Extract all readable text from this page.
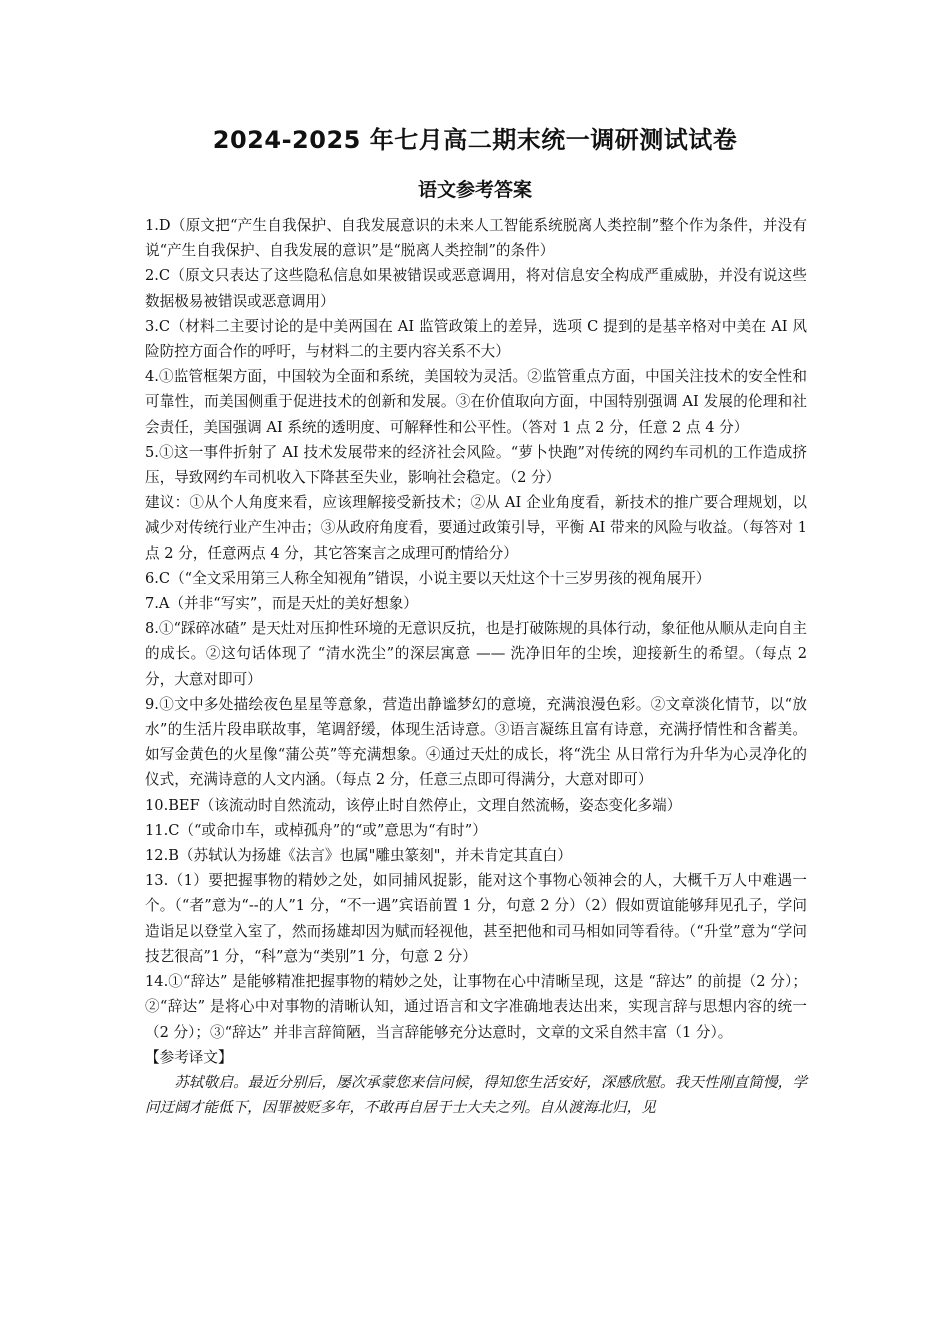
2024-2025 年七月高二期末统一调研测试试卷
语文参考答案

1.D（原文把“产生自我保护、自我发展意识的未来人工智能系统脱离人类控制”整个作为条件，并没有说“产生自我保护、自我发展的意识”是“脱离人类控制”的条件）

2.C（原文只表达了这些隐私信息如果被错误或恶意调用，将对信息安全构成严重威胁，并没有说这些数据极易被错误或恶意调用）

3.C（材料二主要讨论的是中美两国在 AI 监管政策上的差异，选项 C 提到的是基辛格对中美在 AI 风险防控方面合作的呼吁，与材料二的主要内容关系不大）

4.①监管框架方面，中国较为全面和系统，美国较为灵活。②监管重点方面，中国关注技术的安全性和可靠性，而美国侧重于促进技术的创新和发展。③在价值取向方面，中国特别强调 AI 发展的伦理和社会责任，美国强调 AI 系统的透明度、可解释性和公平性。（答对 1 点 2 分，任意 2 点 4 分）

5.①这一事件折射了 AI 技术发展带来的经济社会风险。“萝卜快跑”对传统的网约车司机的工作造成挤压，导致网约车司机收入下降甚至失业，影响社会稳定。（2 分）

建议：①从个人角度来看，应该理解接受新技术；②从 AI 企业角度看，新技术的推广要合理规划，以减少对传统行业产生冲击；③从政府角度看，要通过政策引导，平衡 AI 带来的风险与收益。（每答对 1 点 2 分，任意两点 4 分，其它答案言之成理可酌情给分）

6.C（“全文采用第三人称全知视角”错误，小说主要以天灶这个十三岁男孩的视角展开）

7.A（并非“写实”，而是天灶的美好想象）

8.①“踩碎冰碴” 是天灶对压抑性环境的无意识反抗，也是打破陈规的具体行动，象征他从顺从走向自主的成长。②这句话体现了 “清水洗尘”的深层寓意 —— 洗净旧年的尘埃，迎接新生的希望。（每点 2 分，大意对即可）

9.①文中多处描绘夜色星星等意象，营造出静谧梦幻的意境，充满浪漫色彩。②文章淡化情节，以“放水”的生活片段串联故事，笔调舒缓，体现生活诗意。③语言凝练且富有诗意，充满抒情性和含蓄美。如写金黄色的火星像“蒲公英”等充满想象。④通过天灶的成长，将“洗尘 从日常行为升华为心灵净化的仪式，充满诗意的人文内涵。（每点 2 分，任意三点即可得满分，大意对即可）

10.BEF（该流动时自然流动，该停止时自然停止，文理自然流畅，姿态变化多端）

11.C（“或命巾车，或棹孤舟”的“或”意思为“有时”）

12.B（苏轼认为扬雄《法言》也属"雕虫篆刻"，并未肯定其直白）

13.（1）要把握事物的精妙之处，如同捕风捉影，能对这个事物心领神会的人，大概千万人中难遇一个。（“者”意为“--的人”1 分，“不一遇”宾语前置 1 分，句意 2 分）（2）假如贾谊能够拜见孔子，学问造诣足以登堂入室了，然而扬雄却因为赋而轻视他，甚至把他和司马相如同等看待。（“升堂”意为“学问技艺很高”1 分，“科”意为“类别”1 分，句意 2 分）

14.①“辞达” 是能够精准把握事物的精妙之处，让事物在心中清晰呈现，这是 “辞达” 的前提（2 分）；②“辞达” 是将心中对事物的清晰认知，通过语言和文字准确地表达出来，实现言辞与思想内容的统一（2 分）；③“辞达” 并非言辞简陋，当言辞能够充分达意时，文章的文采自然丰富（1 分）。

【参考译文】

苏轼敬启。最近分别后，屡次承蒙您来信问候，得知您生活安好，深感欣慰。我天性刚直简慢，学问迂阔才能低下，因罪被贬多年，不敢再自居于士大夫之列。自从渡海北归，见
